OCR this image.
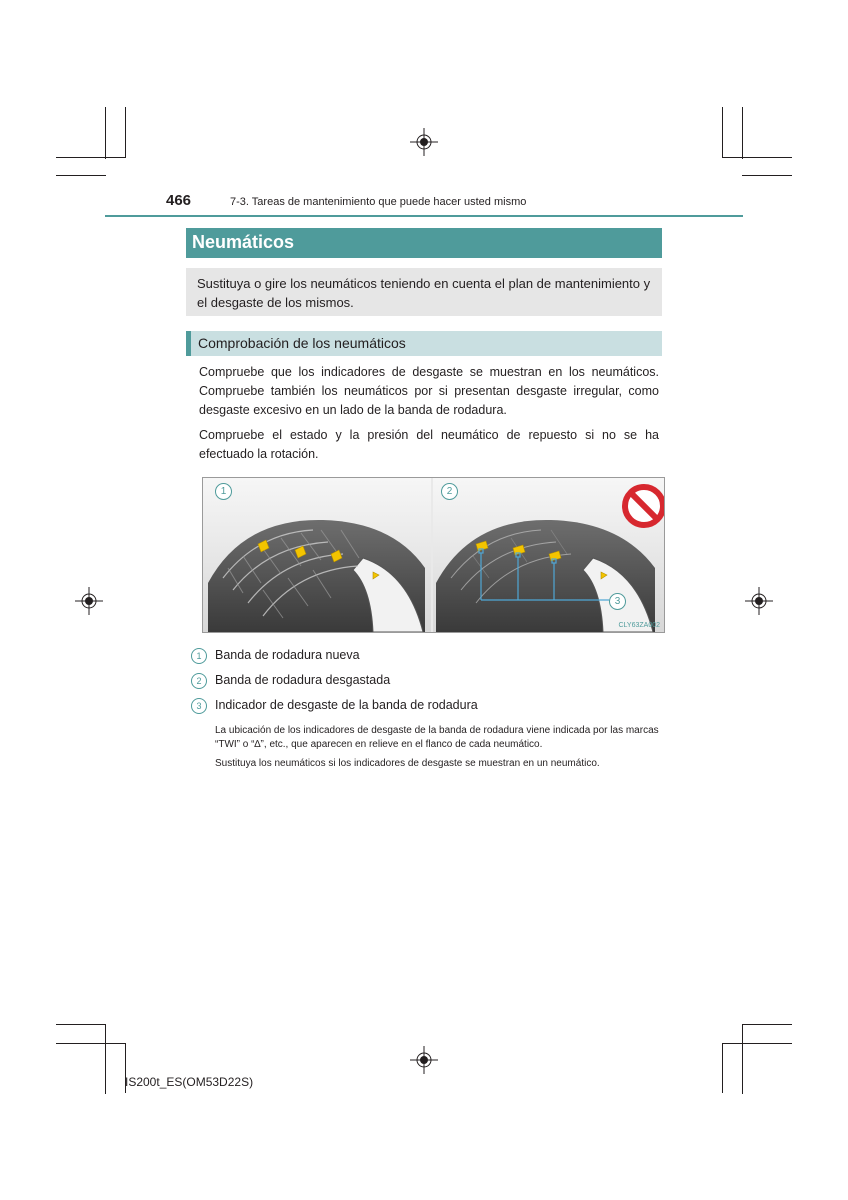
466	7-3. Tareas de mantenimiento que puede hacer usted mismo
Neumáticos

Sustituya o gire los neumáticos teniendo en cuenta el plan de mantenimiento y el desgaste de los mismos.

Comprobación de los neumáticos

Compruebe que los indicadores de desgaste se muestran en los neumáticos. Compruebe también los neumáticos por si presentan desgaste irregular, como desgaste excesivo en un lado de la banda de rodadura.

Compruebe el estado y la presión del neumático de repuesto si no se ha efectuado la rotación.

1	2
3
CLY63ZA002
1	Banda de rodadura nueva
2	Banda de rodadura desgastada
3	Indicador de desgaste de la banda de rodadura

La ubicación de los indicadores de desgaste de la banda de rodadura viene indicada por las marcas “TWI” o “∆”, etc., que aparecen en relieve en el flanco de cada neumático.

Sustituya los neumáticos si los indicadores de desgaste se muestran en un neumático.

IS200t_ES(OM53D22S)
